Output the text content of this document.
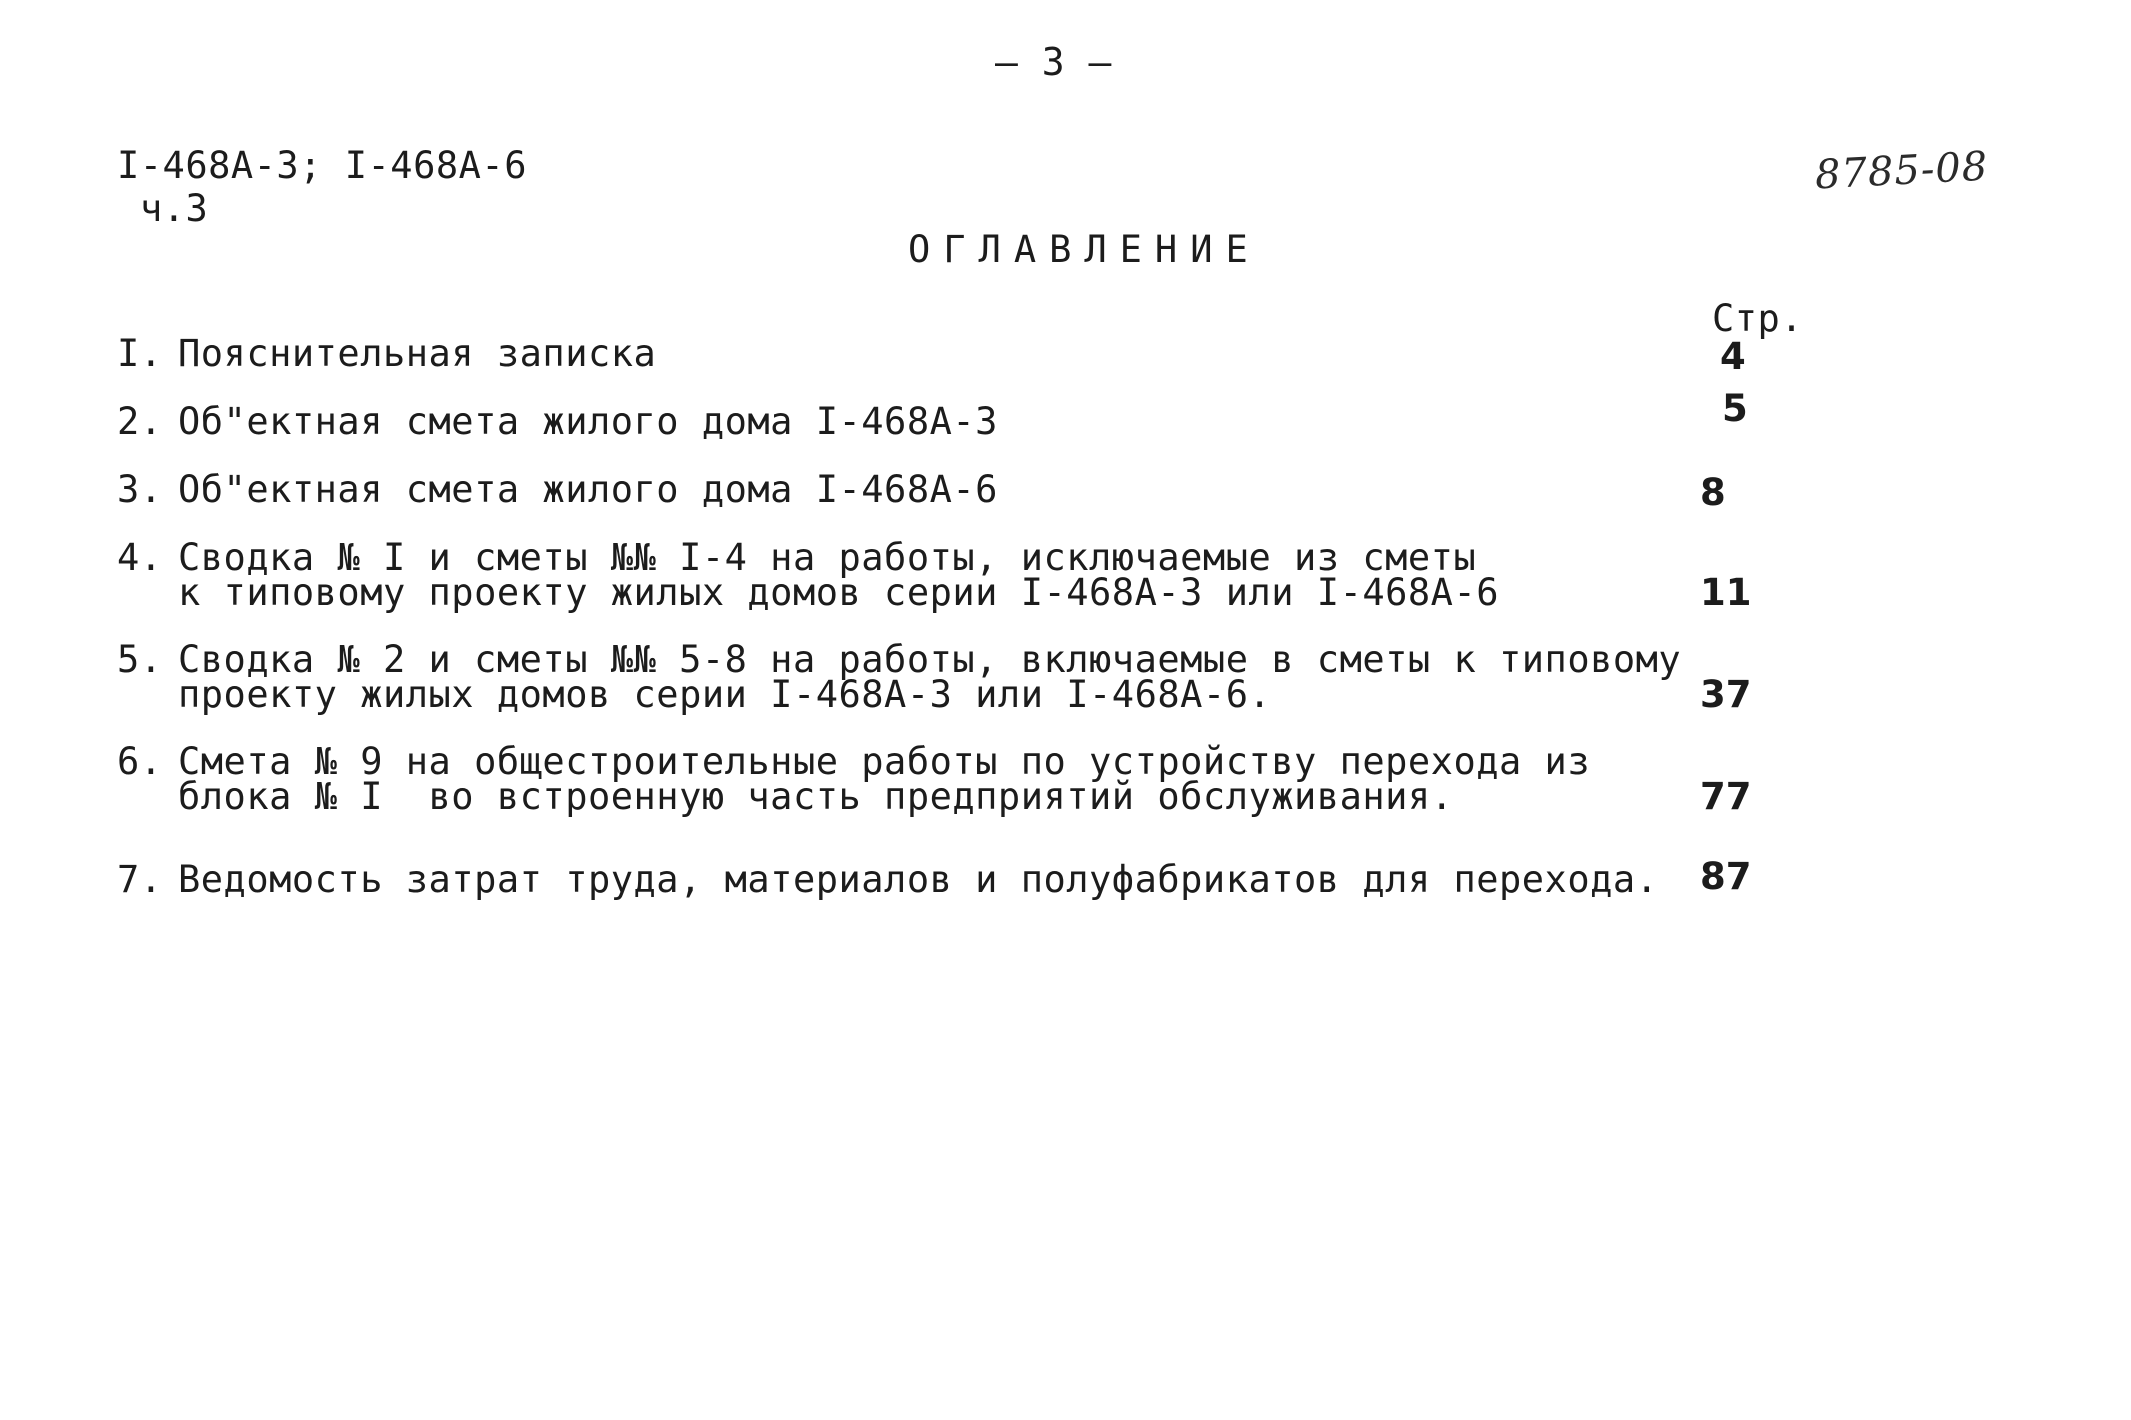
– 3 –
I-468А-3; I-468А-6
ч.3
8785-08
ОГЛАВЛЕНИЕ
Стр.
I. Пояснительная записка	4
2. Об"ектная смета жилого дома I-468А-3	5
3. Об"ектная смета жилого дома I-468А-6	8
4. Сводка № I и сметы №№ I-4 на работы, исключаемые из сметы
к типовому проекту жилых домов серии I-468А-3 или I-468А-6	11
5. Сводка № 2 и сметы №№ 5-8 на работы, включаемые в сметы к типовому
проекту жилых домов серии I-468А-3 или I-468А-6.	37
6. Смета № 9 на общестроительные работы по устройству перехода из
блока № I  во встроенную часть предприятий обслуживания.	77
7. Ведомость затрат труда, материалов и полуфабрикатов для перехода. 87
